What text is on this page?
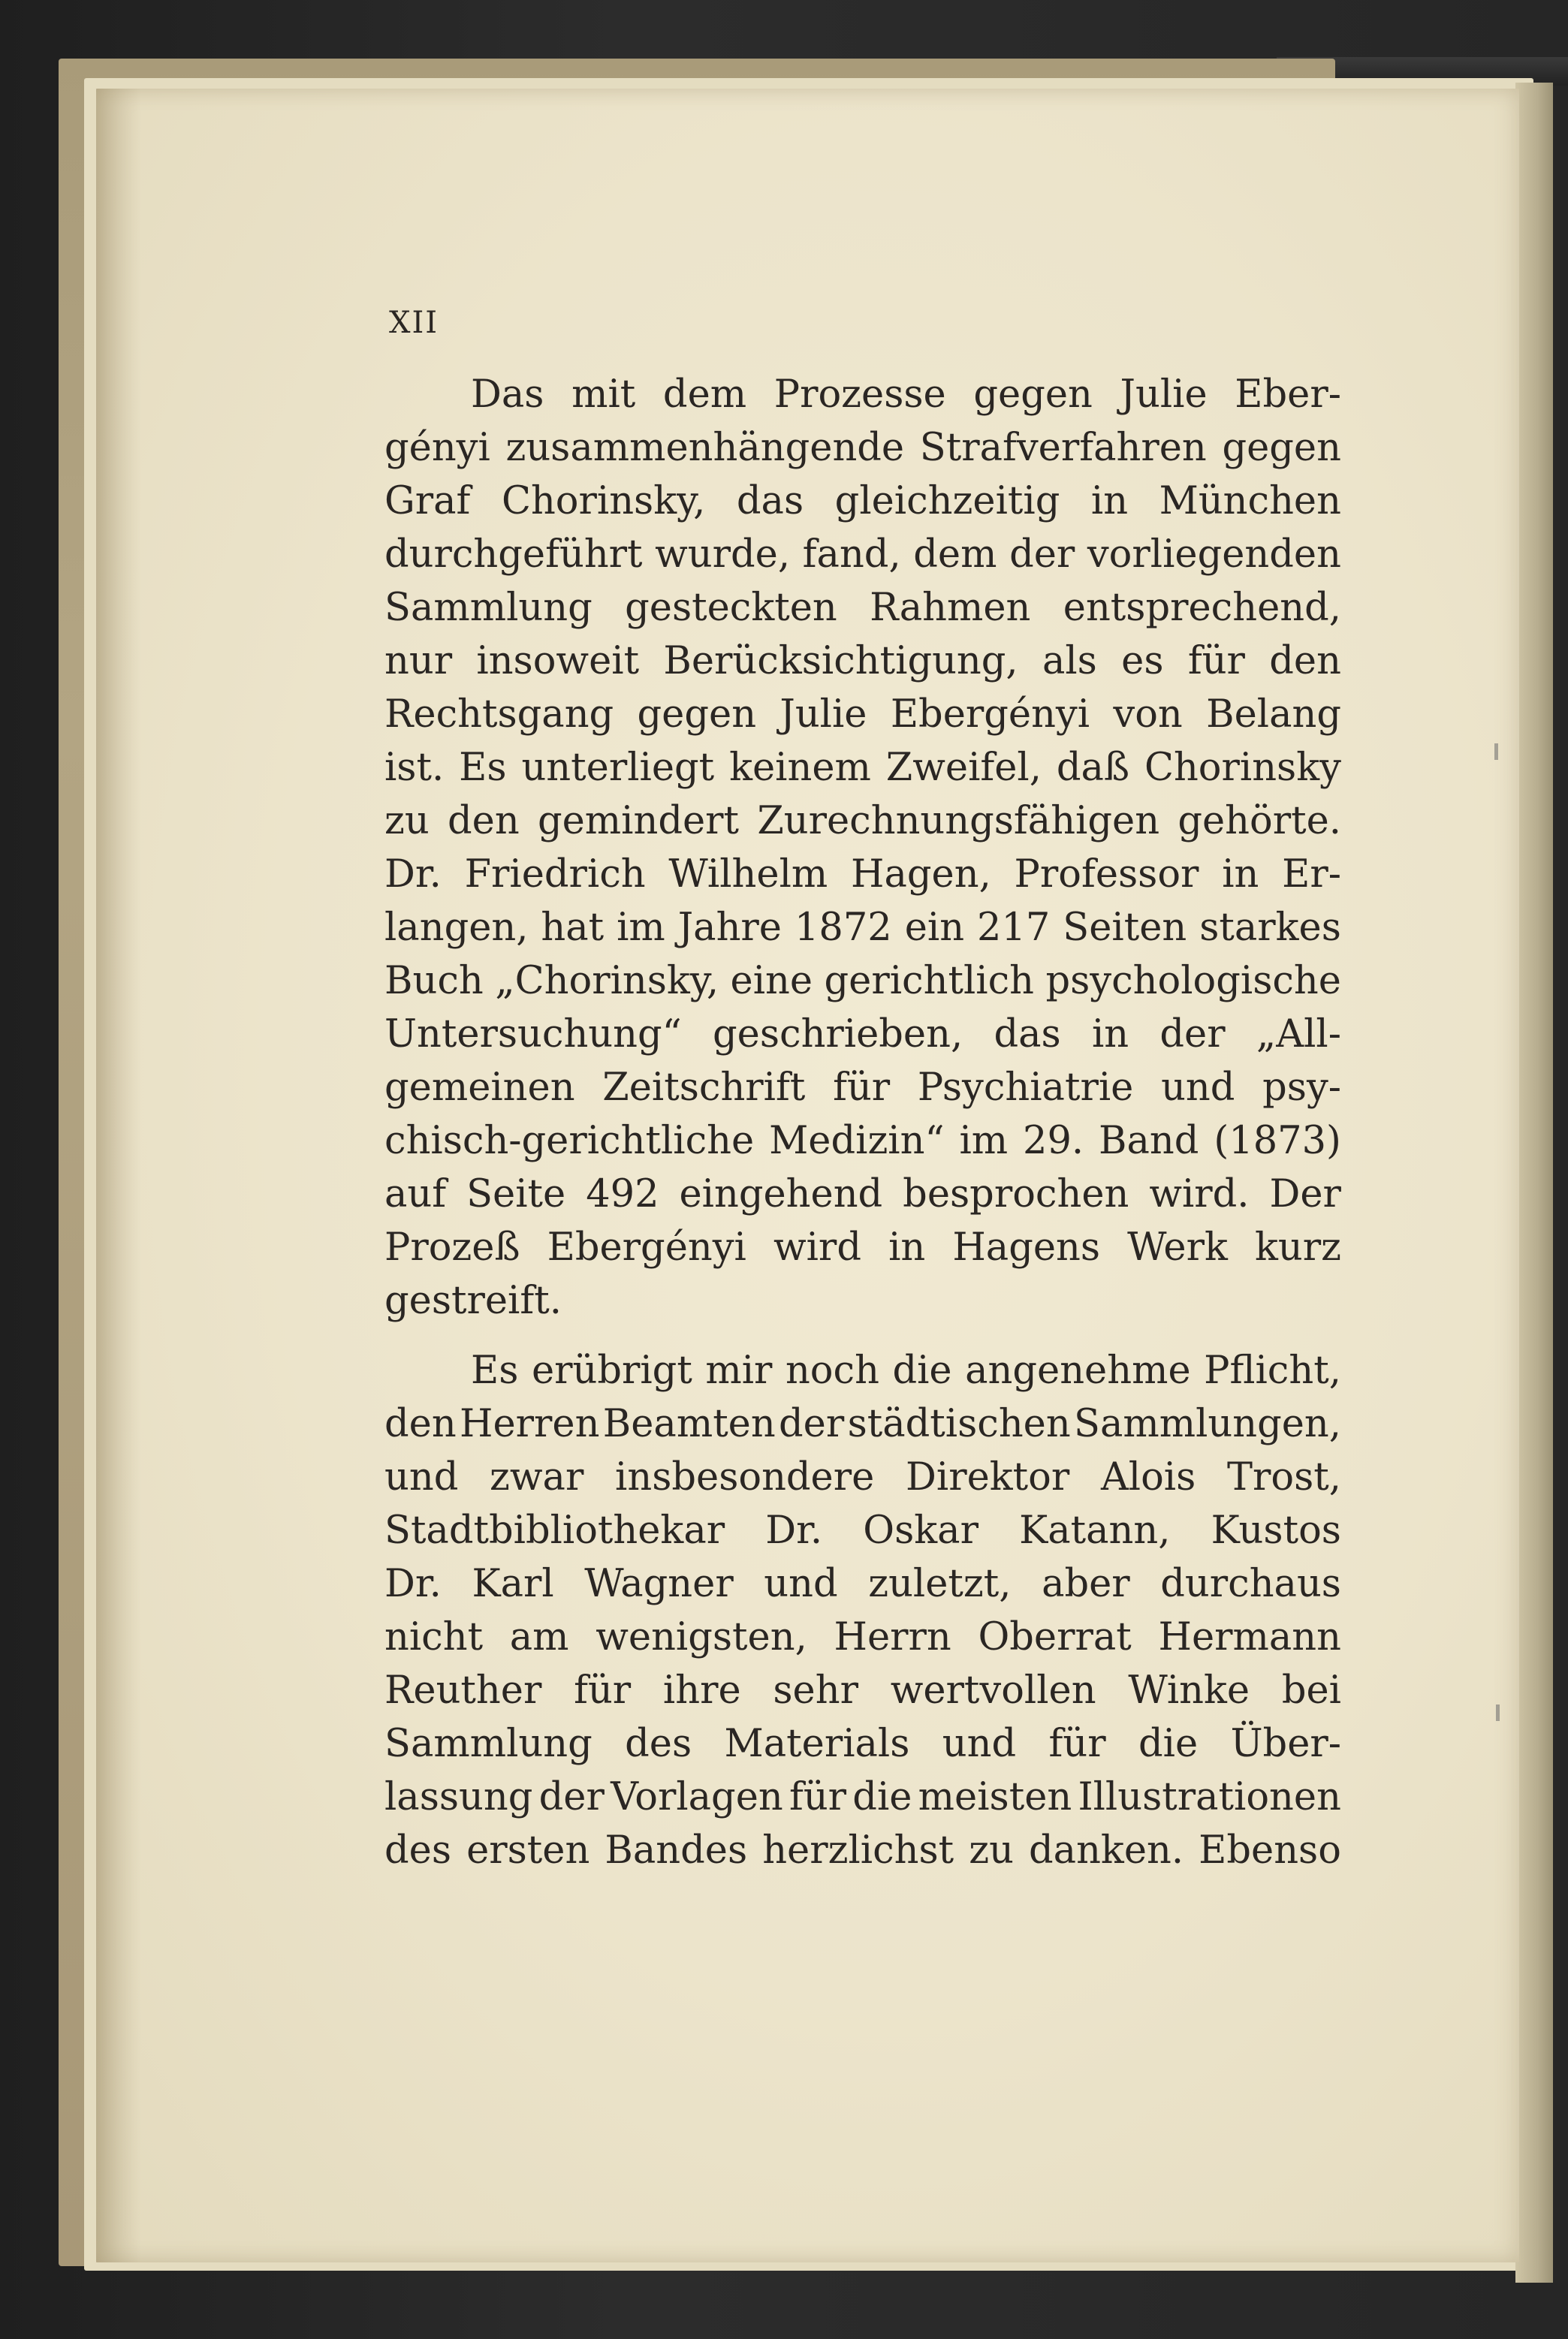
XII
Das mit dem Prozesse gegen Julie Eber-
gényi zusammenhängende Strafverfahren gegen
Graf Chorinsky, das gleichzeitig in München
durchgeführt wurde, fand, dem der vorliegenden
Sammlung gesteckten Rahmen entsprechend,
nur insoweit Berücksichtigung, als es für den
Rechtsgang gegen Julie Ebergényi von Belang
ist. Es unterliegt keinem Zweifel, daß Chorinsky
zu den gemindert Zurechnungsfähigen gehörte.
Dr. Friedrich Wilhelm Hagen, Professor in Er-
langen, hat im Jahre 1872 ein 217 Seiten starkes
Buch „Chorinsky, eine gerichtlich psychologische
Untersuchung“ geschrieben, das in der „All-
gemeinen Zeitschrift für Psychiatrie und psy-
chisch-gerichtliche Medizin“ im 29. Band (1873)
auf Seite 492 eingehend besprochen wird. Der
Prozeß Ebergényi wird in Hagens Werk kurz
gestreift.
Es erübrigt mir noch die angenehme Pflicht,
den Herren Beamten der städtischen Sammlungen,
und zwar insbesondere Direktor Alois Trost,
Stadtbibliothekar Dr. Oskar Katann, Kustos
Dr. Karl Wagner und zuletzt, aber durchaus
nicht am wenigsten, Herrn Oberrat Hermann
Reuther für ihre sehr wertvollen Winke bei
Sammlung des Materials und für die Über-
lassung der Vorlagen für die meisten Illustrationen
des ersten Bandes herzlichst zu danken. Ebenso
